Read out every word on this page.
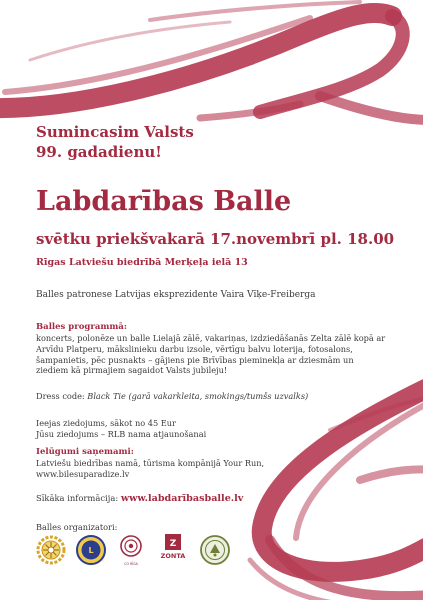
Suminсаsim Valsts
99. gadadienu!

Labdarības Balle

svētku priekšvakarā 17.novembrī pl. 18.00

Rīgas Latviešu biedrībā Merķeļa ielā 13

Balles patronese Latvijas eksprezidente Vaira Vīķe-Freiberga

Balles programmā:

koncerts, polonēze un balle Lielajā zālē, vakariņas, izdziedāšanās Zelta zālē kopā ar Arvīdu Platperu, mākslinieku darbu izsole, vērtīgu balvu loterija, fotosalons, šampanietis, pēc pusnakts – gājiens pie Brīvības pieminekļa ar dziesmām un ziediem kā pirmajiem sagaidot Valsts jubileju!

Dress code: Black Tie (garā vakarkleita, smokings/tumšs uzvalks)

Ieejas ziedojums, sākot no 45 Eur

Jūsu ziedojums – RLB nama atjaunošanai

Ielūgumi saņemami:

Latviešu biedrības namā, tūrisma kompānijā Your Run,

www.bilesuparadize.lv

Sīkāka informācija: www.labdarībasballe.lv

Balles organizatori:

L
CO RĪGA
Z
ZONTA
